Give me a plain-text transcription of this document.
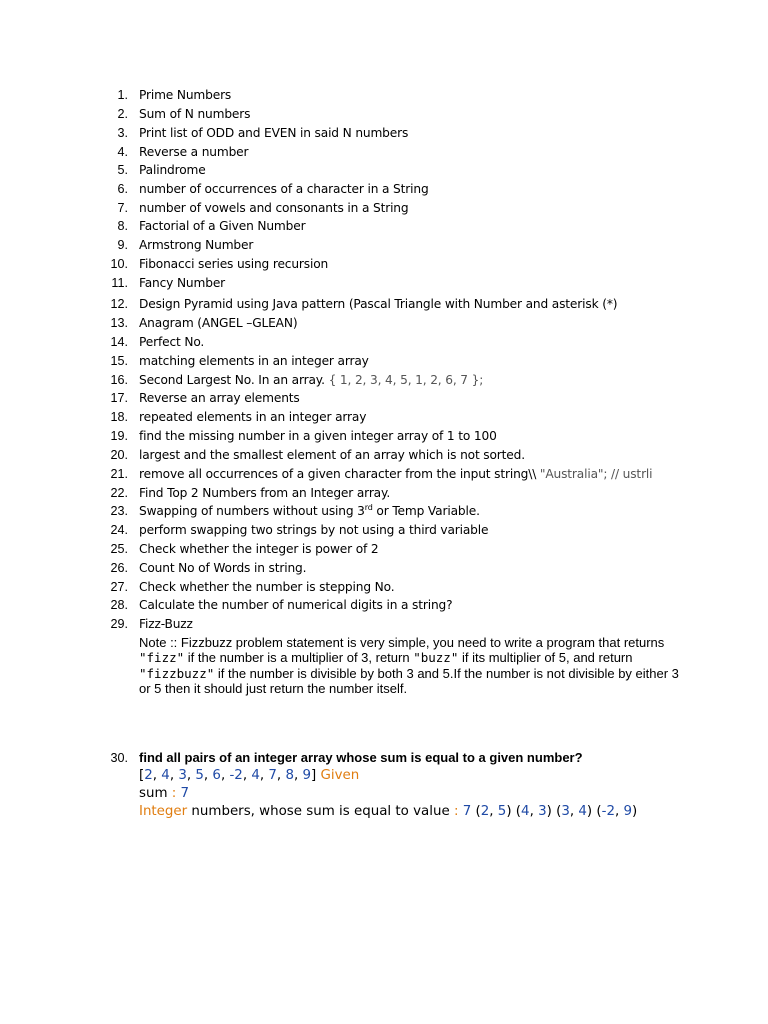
1. Prime Numbers
2. Sum of N numbers
3. Print list of ODD and EVEN in said N numbers
4. Reverse a number
5. Palindrome
6. number of occurrences of a character in a String
7. number of vowels and consonants in a String
8. Factorial of a Given Number
9. Armstrong Number
10. Fibonacci series using recursion
11. Fancy Number
12. Design Pyramid using Java pattern (Pascal Triangle with Number and asterisk (*)
13. Anagram (ANGEL –GLEAN)
14. Perfect No.
15. matching elements in an integer array
16. Second Largest No. In an array. { 1, 2, 3, 4, 5, 1, 2, 6, 7 };
17. Reverse an array elements
18. repeated elements in an integer array
19. find the missing number in a given integer array of 1 to 100
20. largest and the smallest element of an array which is not sorted.
21. remove all occurrences of a given character from the input string\\ "Australia"; // ustrli
22. Find Top 2 Numbers from an Integer array.
23. Swapping of numbers without using 3rd or Temp Variable.
24. perform swapping two strings by not using a third variable
25. Check whether the integer is power of 2
26. Count No of Words in string.
27. Check whether the number is stepping No.
28. Calculate the number of numerical digits in a string?
29. Fizz-Buzz
Note :: Fizzbuzz problem statement is very simple, you need to write a program that returns "fizz" if the number is a multiplier of 3, return "buzz" if its multiplier of 5, and return "fizzbuzz" if the number is divisible by both 3 and 5.If the number is not divisible by either 3 or 5 then it should just return the number itself.
30. find all pairs of an integer array whose sum is equal to a given number?
[2, 4, 3, 5, 6, -2, 4, 7, 8, 9] Given
sum : 7
Integer numbers, whose sum is equal to value : 7 (2, 5) (4, 3) (3, 4) (-2, 9)
